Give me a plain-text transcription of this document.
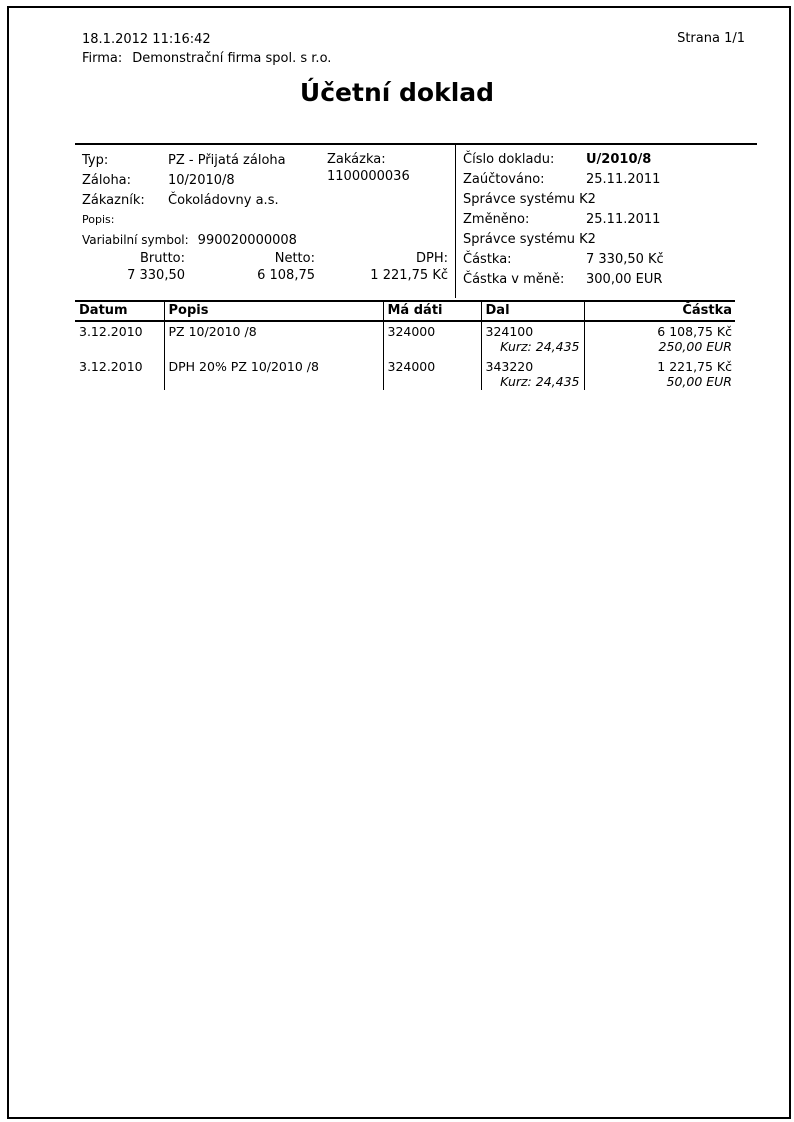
18.1.2012 11:16:42
Firma: Demonstrační firma spol. s r.o.
Strana 1/1
Účetní doklad
Typ:	PZ - Přijatá záloha
Záloha:	10/2010/8
Zákazník:	Čokoládovny a.s.
Popis:
Variabilní symbol: 990020000008
Zakázka:
1100000036
Brutto:
7 330,50
Netto:
6 108,75
DPH:
1 221,75 Kč
Číslo dokladu:	U/2010/8
Zaúčtováno:	25.11.2011
Správce systému K2
Změněno:	25.11.2011
Správce systému K2
Částka:	7 330,50 Kč
Částka v měně:	300,00 EUR
Datum	Popis	Má dáti	Dal	Částka
3.12.2010	PZ 10/2010 /8	324000	324100	6 108,75 Kč
			Kurz: 24,435	250,00 EUR
3.12.2010	DPH 20% PZ 10/2010 /8	324000	343220	1 221,75 Kč
			Kurz: 24,435	50,00 EUR
